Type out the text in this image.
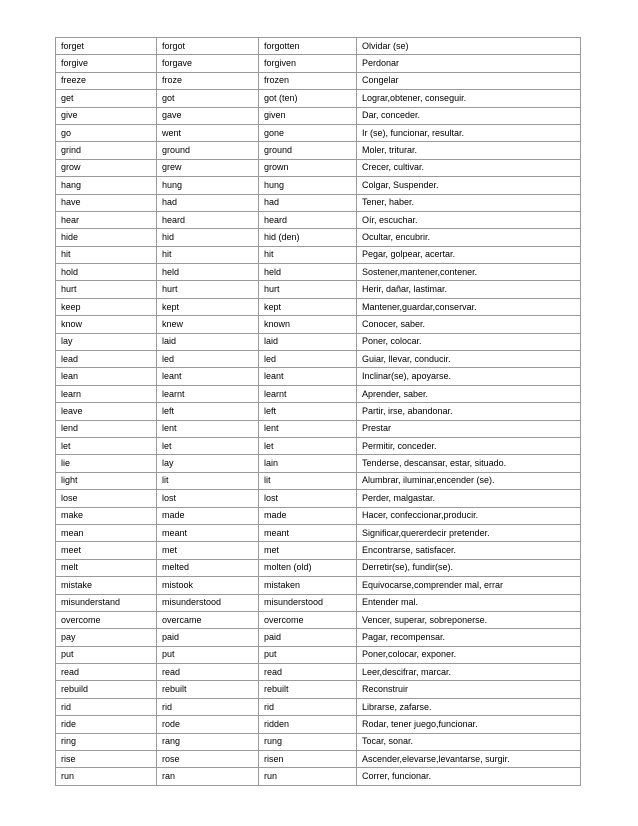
forget	forgot	forgotten	Olvidar (se)
forgive	forgave	forgiven	Perdonar
freeze	froze	frozen	Congelar
get	got	got (ten)	Lograr,obtener, conseguir.
give	gave	given	Dar, conceder.
go	went	gone	Ir (se), funcionar, resultar.
grind	ground	ground	Moler, triturar.
grow	grew	grown	Crecer, cultivar.
hang	hung	hung	Colgar, Suspender.
have	had	had	Tener, haber.
hear	heard	heard	Oír, escuchar.
hide	hid	hid (den)	Ocultar, encubrir.
hit	hit	hit	Pegar, golpear, acertar.
hold	held	held	Sostener,mantener,contener.
hurt	hurt	hurt	Herir, dañar, lastimar.
keep	kept	kept	Mantener,guardar,conservar.
know	knew	known	Conocer, saber.
lay	laid	laid	Poner, colocar.
lead	led	led	Guiar, llevar, conducir.
lean	leant	leant	Inclinar(se), apoyarse.
learn	learnt	learnt	Aprender, saber.
leave	left	left	Partir, irse, abandonar.
lend	lent	lent	Prestar
let	let	let	Permitir, conceder.
lie	lay	lain	Tenderse, descansar, estar, situado.
light	lit	lit	Alumbrar, iluminar,encender (se).
lose	lost	lost	Perder, malgastar.
make	made	made	Hacer, confeccionar,producir.
mean	meant	meant	Significar,quererdecir pretender.
meet	met	met	Encontrarse, satisfacer.
melt	melted	molten (old)	Derretir(se), fundir(se).
mistake	mistook	mistaken	Equivocarse,comprender mal, errar
misunderstand	misunderstood	misunderstood	Entender mal.
overcome	overcame	overcome	Vencer, superar, sobreponerse.
pay	paid	paid	Pagar, recompensar.
put	put	put	Poner,colocar, exponer.
read	read	read	Leer,descifrar, marcar.
rebuild	rebuilt	rebuilt	Reconstruir
rid	rid	rid	Librarse, zafarse.
ride	rode	ridden	Rodar, tener juego,funcionar.
ring	rang	rung	Tocar, sonar.
rise	rose	risen	Ascender,elevarse,levantarse, surgir.
run	ran	run	Correr, funcionar.
